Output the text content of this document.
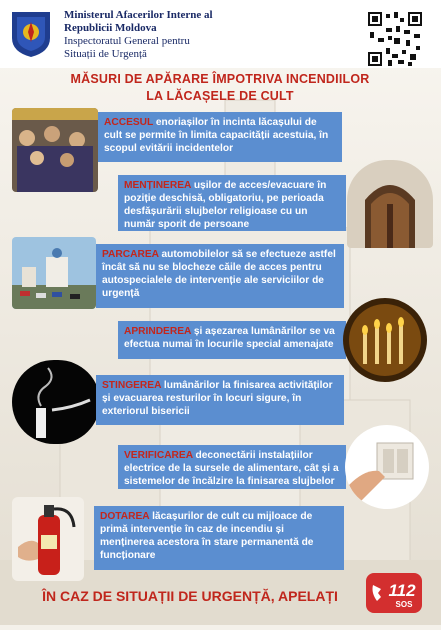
Ministerul Afacerilor Interne al
Republicii Moldova
Inspectoratul General pentru
Situații de Urgență
MĂSURI DE APĂRARE ÎMPOTRIVA INCENDIILOR
LA LĂCAȘELE DE CULT
ACCESUL enoriașilor în incinta lăcașului de cult se permite în limita capacității acestuia, în scopul evitării incidentelor
MENȚINEREA ușilor de acces/evacuare în poziție deschisă, obligatoriu, pe perioada desfășurării slujbelor religioase cu un număr sporit de persoane
PARCAREA automobilelor să se efectueze astfel încât să nu se blocheze căile de acces pentru autospecialele de intervenție ale serviciilor de urgență
APRINDEREA și așezarea lumânărilor se va efectua numai în locurile special amenajate
STINGEREA lumânărilor la finisarea activităților și evacuarea resturilor în locuri sigure, în exteriorul bisericii
VERIFICAREA deconectării instalațiilor electrice de la sursele de alimentare, cât și a sistemelor de încălzire la finisarea slujbelor
DOTAREA lăcașurilor de cult cu mijloace de primă intervenție în caz de incendiu și menținerea acestora în stare permanentă de funcționare
ÎN CAZ DE SITUAȚII DE URGENȚĂ, APELAȚI	112
SOS
